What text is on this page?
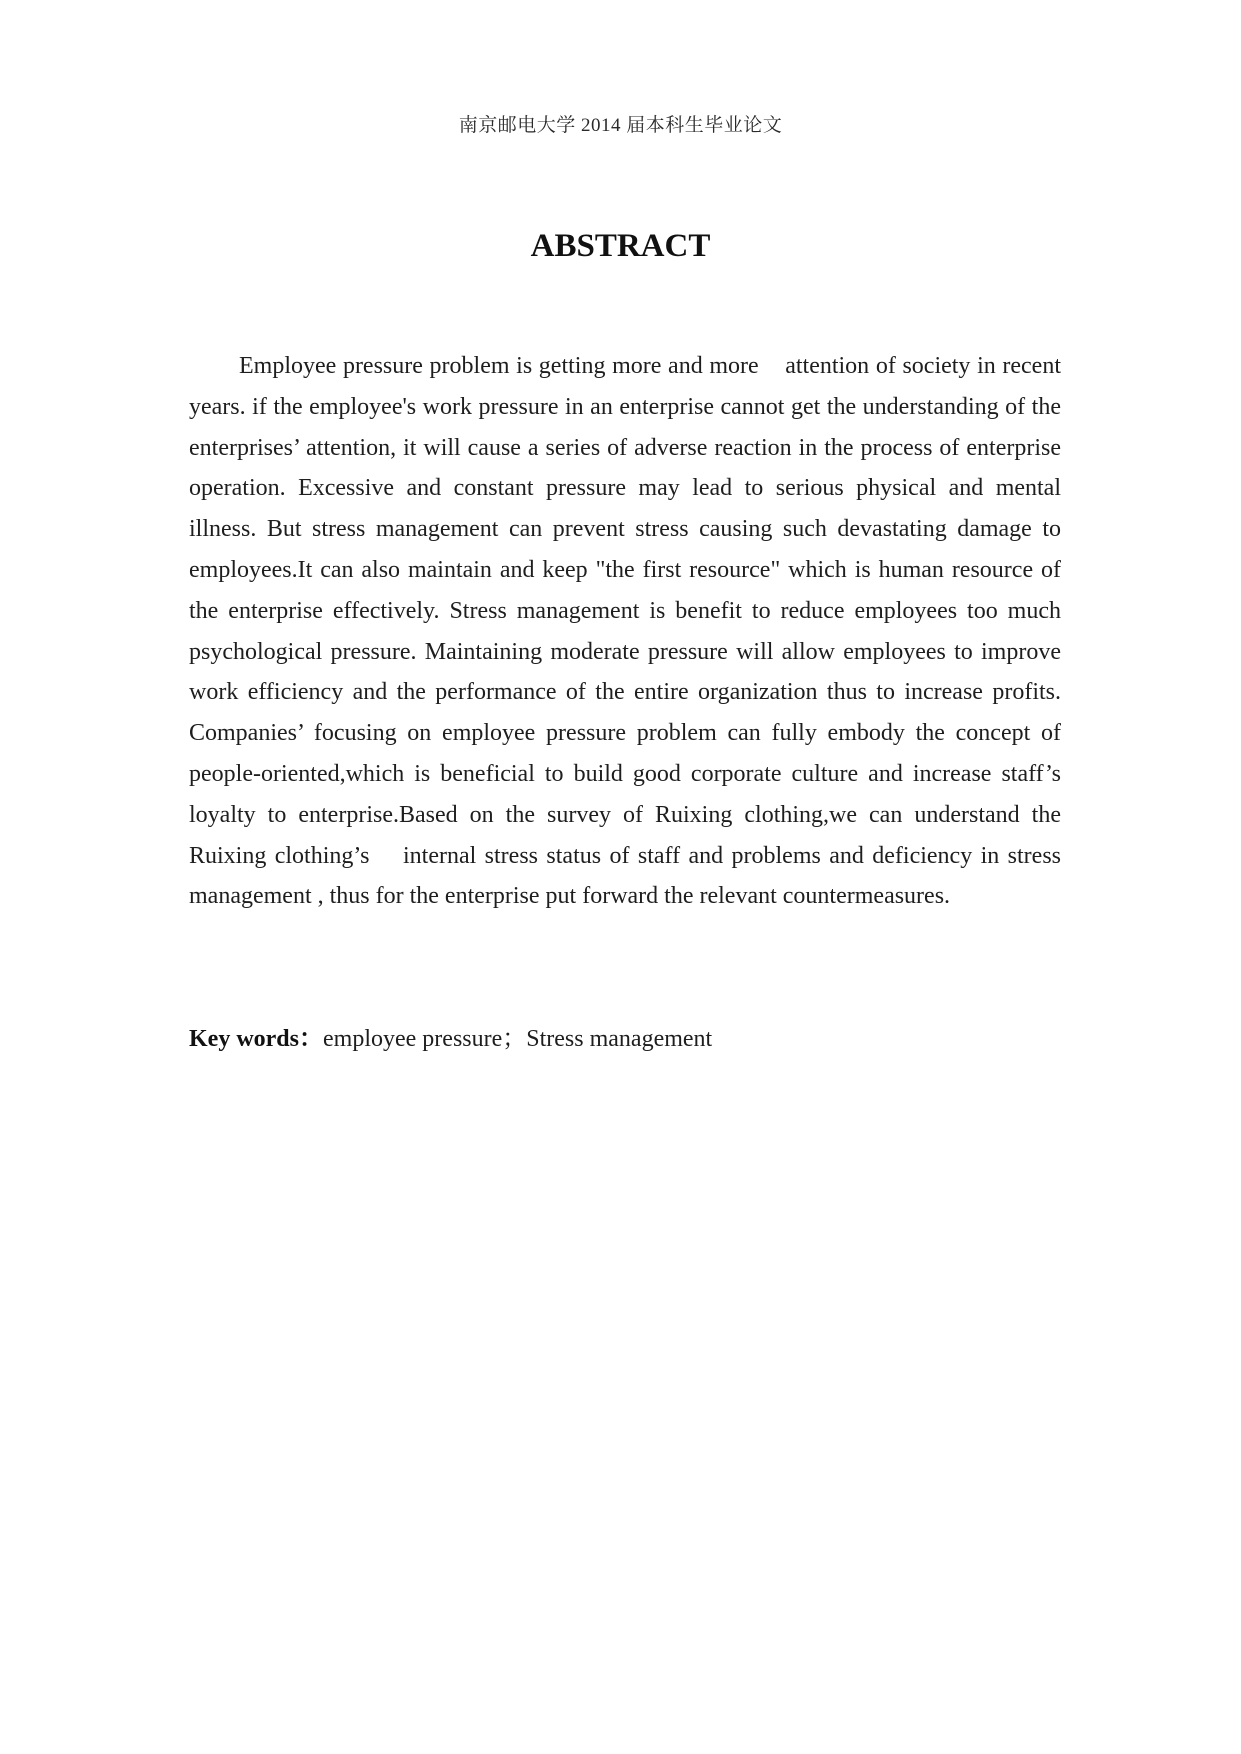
南京邮电大学 2014 届本科生毕业论文
ABSTRACT

Employee pressure problem is getting more and more    attention of society in recent years. if the employee's work pressure in an enterprise cannot get the understanding of the enterprises’ attention, it will cause a series of adverse reaction in the process of enterprise operation. Excessive and constant pressure may lead to serious physical and mental illness. But stress management can prevent stress causing such devastating damage to employees.It can also maintain and keep "the first resource" which is human resource of the enterprise effectively. Stress management is benefit to reduce employees too much psychological pressure. Maintaining moderate pressure will allow employees to improve work efficiency and the performance of the entire organization thus to increase profits. Companies’ focusing on employee pressure problem can fully embody the concept of people-oriented,which is beneficial to build good corporate culture and increase staff’s loyalty to enterprise.Based on the survey of Ruixing clothing,we can understand the Ruixing clothing’s    internal stress status of staff and problems and deficiency in stress management , thus for the enterprise put forward the relevant countermeasures.

Key words：employee pressure；Stress management
